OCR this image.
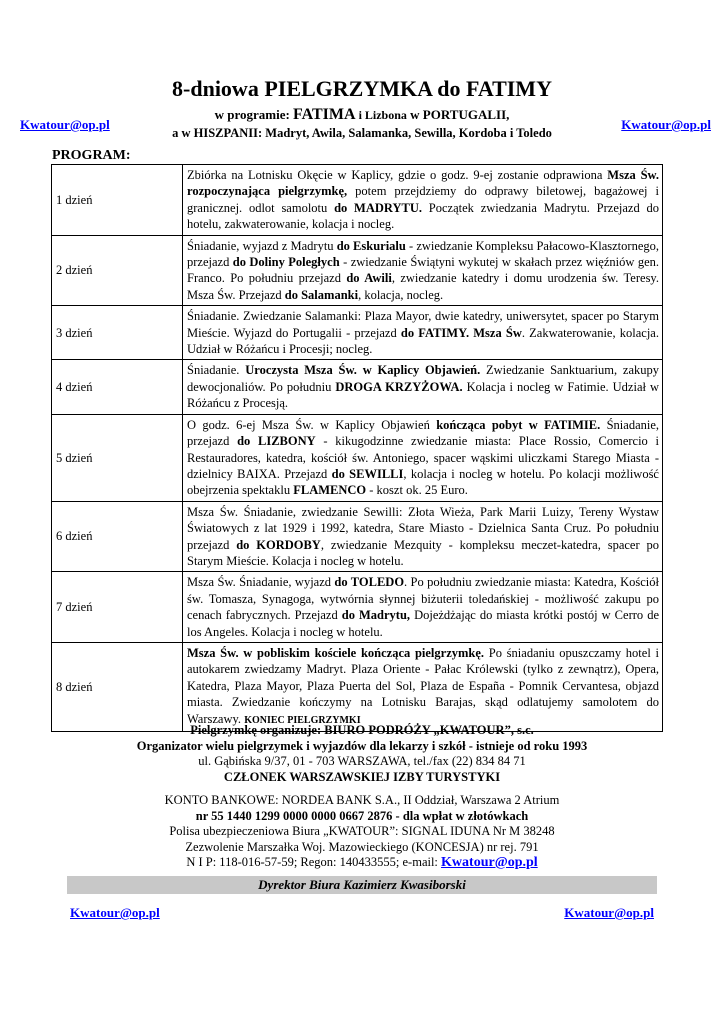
8-dniowa PIELGRZYMKA do FATIMY
Kwatour@op.pl
w programie: FATIMA i Lizbona w PORTUGALII,
Kwatour@op.pl
a w HISZPANII: Madryt, Awila, Salamanka, Sewilla, Kordoba i Toledo
PROGRAM:
1 dzień	Zbiórka na Lotnisku Okęcie w Kaplicy, gdzie o godz. 9-ej zostanie odprawiona Msza Św. rozpoczynająca pielgrzymkę, potem przejdziemy do odprawy biletowej, bagażowej i granicznej. odlot samolotu do MADRYTU. Początek zwiedzania Madrytu. Przejazd do hotelu, zakwaterowanie, kolacja i nocleg.
2 dzień	Śniadanie, wyjazd z Madrytu do Eskurialu - zwiedzanie Kompleksu Pałacowo-Klasztornego, przejazd do Doliny Poległych - zwiedzanie Świątyni wykutej w skałach przez więźniów gen. Franco. Po południu przejazd do Awili, zwiedzanie katedry i domu urodzenia św. Teresy. Msza Św. Przejazd do Salamanki, kolacja, nocleg.
3 dzień	Śniadanie. Zwiedzanie Salamanki: Plaza Mayor, dwie katedry, uniwersytet, spacer po Starym Mieście. Wyjazd do Portugalii - przejazd do FATIMY. Msza Św. Zakwaterowanie, kolacja. Udział w Różańcu i Procesji; nocleg.
4 dzień	Śniadanie. Uroczysta Msza Św. w Kaplicy Objawień. Zwiedzanie Sanktuarium, zakupy dewocjonaliów. Po południu DROGA KRZYŻOWA. Kolacja i nocleg w Fatimie. Udział w Różańcu z Procesją.
5 dzień	O godz. 6-ej Msza Św. w Kaplicy Objawień kończąca pobyt w FATIMIE. Śniadanie, przejazd do LIZBONY - kikugodzinne zwiedzanie miasta: Place Rossio, Comercio i Restauradores, katedra, kościół św. Antoniego, spacer wąskimi uliczkami Starego Miasta - dzielnicy BAIXA. Przejazd do SEWILLI, kolacja i nocleg w hotelu. Po kolacji możliwość obejrzenia spektaklu FLAMENCO - koszt ok. 25 Euro.
6 dzień	Msza Św. Śniadanie, zwiedzanie Sewilli: Złota Wieża, Park Marii Luizy, Tereny Wystaw Światowych z lat 1929 i 1992, katedra, Stare Miasto - Dzielnica Santa Cruz. Po południu przejazd do KORDOBY, zwiedzanie Mezquity - kompleksu meczet-katedra, spacer po Starym Mieście. Kolacja i nocleg w hotelu.
7 dzień	Msza Św. Śniadanie, wyjazd do TOLEDO. Po południu zwiedzanie miasta: Katedra, Kościół św. Tomasza, Synagoga, wytwórnia słynnej biżuterii toledańskiej - możliwość zakupu po cenach fabrycznych. Przejazd do Madrytu, Dojeżdżając do miasta krótki postój w Cerro de los Angeles. Kolacja i nocleg w hotelu.
8 dzień	Msza Św. w pobliskim kościele kończąca pielgrzymkę. Po śniadaniu opuszczamy hotel i autokarem zwiedzamy Madryt. Plaza Oriente - Pałac Królewski (tylko z zewnątrz), Opera, Katedra, Plaza Mayor, Plaza Puerta del Sol, Plaza de España - Pomnik Cervantesa, objazd miasta. Zwiedzanie kończymy na Lotnisku Barajas, skąd odlatujemy samolotem do Warszawy. KONIEC PIELGRZYMKI
Pielgrzymkę organizuje: BIURO PODRÓŻY „KWATOUR”, s.c.
Organizator wielu pielgrzymek i wyjazdów dla lekarzy i szkół - istnieje od roku 1993
ul. Gąbińska 9/37, 01 - 703 WARSZAWA, tel./fax (22) 834 84 71
CZŁONEK WARSZAWSKIEJ IZBY TURYSTYKI
KONTO BANKOWE: NORDEA BANK S.A., II Oddział, Warszawa 2 Atrium
nr 55 1440 1299 0000 0000 0667 2876 - dla wpłat w złotówkach
Polisa ubezpieczeniowa Biura „KWATOUR”: SIGNAL IDUNA Nr M 38248
Zezwolenie Marszałka Woj. Mazowieckiego (KONCESJA) nr rej. 791
N I P: 118-016-57-59; Regon: 140433555; e-mail: Kwatour@op.pl
Dyrektor Biura Kazimierz Kwasiborski
Kwatour@op.pl	Kwatour@op.pl
